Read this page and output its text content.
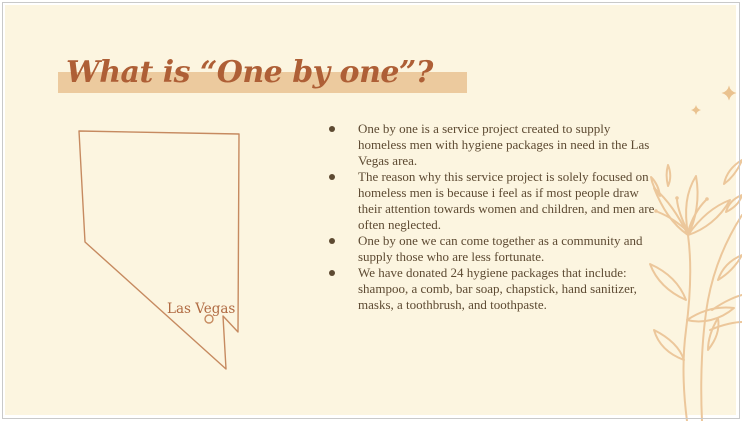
Las Vegas
What is “One by one”?
One by one is a service project created to supply homeless men with hygiene packages in need in the Las Vegas area.
The reason why this service project is solely focused on homeless men is because i feel as if most people draw their attention towards women and children, and men are often neglected.
One by one we can come together as a community and supply those who are less fortunate.
We have donated 24 hygiene packages that include: shampoo, a comb, bar soap, chapstick, hand sanitizer, masks, a toothbrush, and toothpaste.
